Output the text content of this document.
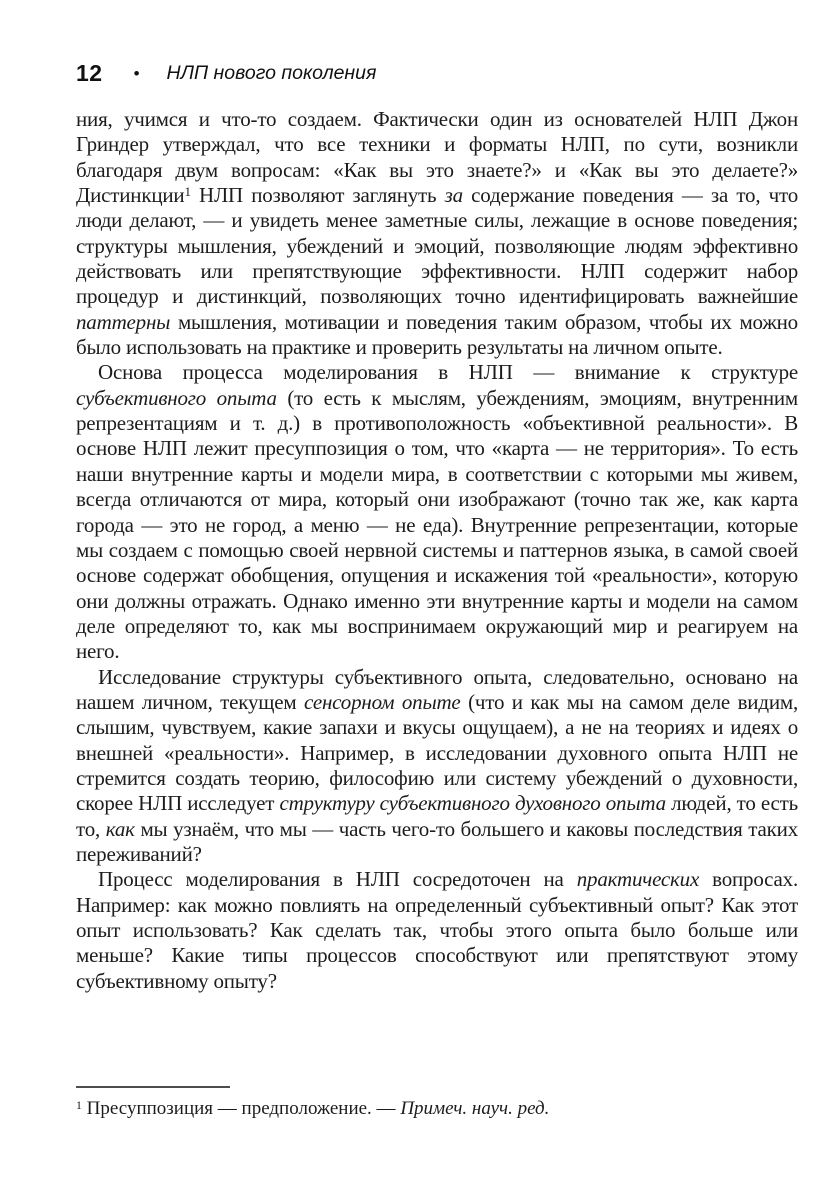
12 • НЛП нового поколения

ния, учимся и что-то создаем. Фактически один из основателей НЛП Джон Гриндер утверждал, что все техники и форматы НЛП, по сути, возникли благодаря двум вопросам: «Как вы это знаете?» и «Как вы это делаете?» Дистинкции$^1$ НЛП позволяют заглянуть за содержание поведения — за то, что люди делают, — и увидеть менее заметные силы, лежащие в основе поведения; структуры мышления, убеждений и эмоций, позволяющие людям эффективно действовать или препятствующие эффективности. НЛП содержит набор процедур и дистинкций, позволяющих точно идентифицировать важнейшие паттерны мышления, мотивации и поведения таким образом, чтобы их можно было использовать на практике и проверить результаты на личном опыте.

Основа процесса моделирования в НЛП — внимание к структуре субъективного опыта (то есть к мыслям, убеждениям, эмоциям, внутренним репрезентациям и т. д.) в противоположность «объективной реальности». В основе НЛП лежит пресуппозиция о том, что «карта — не территория». То есть наши внутренние карты и модели мира, в соответствии с которыми мы живем, всегда отличаются от мира, который они изображают (точно так же, как карта города — это не город, а меню — не еда). Внутренние репрезентации, которые мы создаем с помощью своей нервной системы и паттернов языка, в самой своей основе содержат обобщения, опущения и искажения той «реальности», которую они должны отражать. Однако именно эти внутренние карты и модели на самом деле определяют то, как мы воспринимаем окружающий мир и реагируем на него.

Исследование структуры субъективного опыта, следовательно, основано на нашем личном, текущем сенсорном опыте (что и как мы на самом деле видим, слышим, чувствуем, какие запахи и вкусы ощущаем), а не на теориях и идеях о внешней «реальности». Например, в исследовании духовного опыта НЛП не стремится создать теорию, философию или систему убеждений о духовности, скорее НЛП исследует структуру субъективного духовного опыта людей, то есть то, как мы узнаём, что мы — часть чего-то большего и каковы последствия таких переживаний?

Процесс моделирования в НЛП сосредоточен на практических вопросах. Например: как можно повлиять на определенный субъективный опыт? Как этот опыт использовать? Как сделать так, чтобы этого опыта было больше или меньше? Какие типы процессов способствуют или препятствуют этому субъективному опыту?

$^1$ Пресуппозиция — предположение. — Примеч. науч. ред.
